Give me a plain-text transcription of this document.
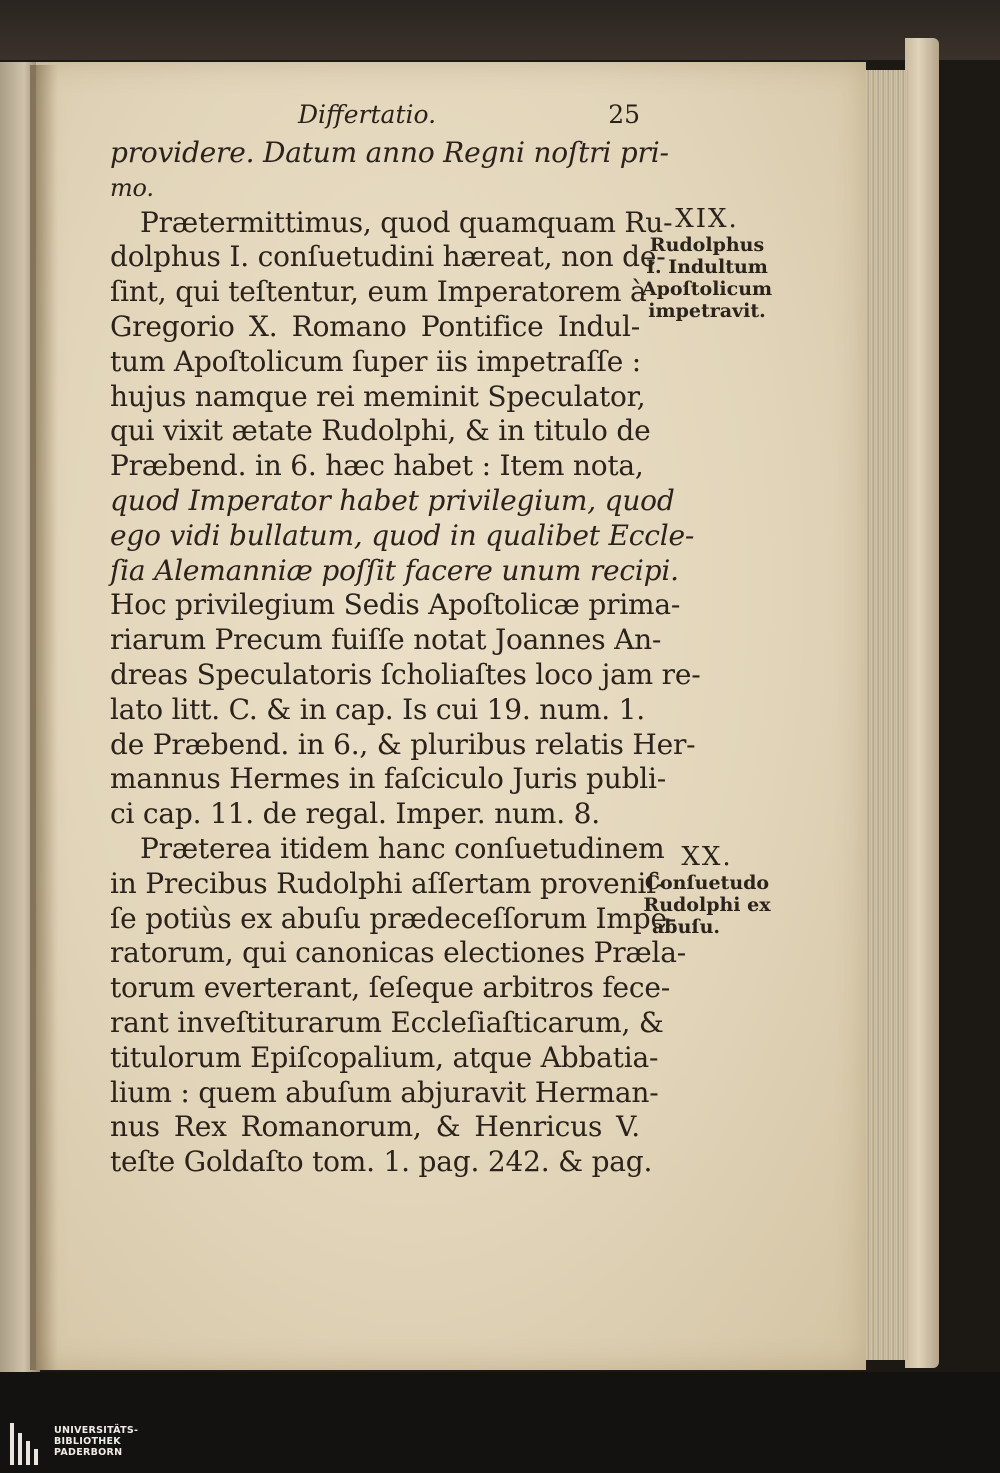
Differtatio.	25
providere. Datum anno Regni noſtri pri-
mo.
Prætermittimus, quod quamquam Ru-
dolphus I. conſuetudini hæreat, non de-
ſint, qui teſtentur, eum Imperatorem à
Gregorio X. Romano Pontifice Indul-
tum Apoſtolicum ſuper iis impetraſſe :
hujus namque rei meminit Speculator,
qui vixit ætate Rudolphi, & in titulo de
Præbend. in 6. hæc habet : Item nota,
quod Imperator habet privilegium, quod
ego vidi bullatum, quod in qualibet Eccle-
ſia Alemanniæ poſſit facere unum recipi.
Hoc privilegium Sedis Apoſtolicæ prima-
riarum Precum fuiſſe notat Joannes An-
dreas Speculatoris ſcholiaſtes loco jam re-
lato litt. C. & in cap. Is cui 19. num. 1.
de Præbend. in 6., & pluribus relatis Her-
mannus Hermes in faſciculo Juris publi-
ci cap. 11. de regal. Imper. num. 8.
Præterea itidem hanc conſuetudinem
in Precibus Rudolphi aſſertam proveniſ-
ſe potiùs ex abuſu prædeceſſorum Impe-
ratorum, qui canonicas electiones Præla-
torum everterant, ſeſeque arbitros fece-
rant inveſtiturarum Eccleſiaſticarum, &
titulorum Epiſcopalium, atque Abbatia-
lium : quem abuſum abjuravit Herman-
nus Rex Romanorum, & Henricus V.
teſte Goldaſto tom. 1. pag. 242. & pag.
XIX.
Rudolphus
I. Indultum
Apoſtolicum
impetravit.
XX.
Conſuetudo
Rudolphi ex
abuſu.
UNIVERSITÄTS-
BIBLIOTHEK
PADERBORN
